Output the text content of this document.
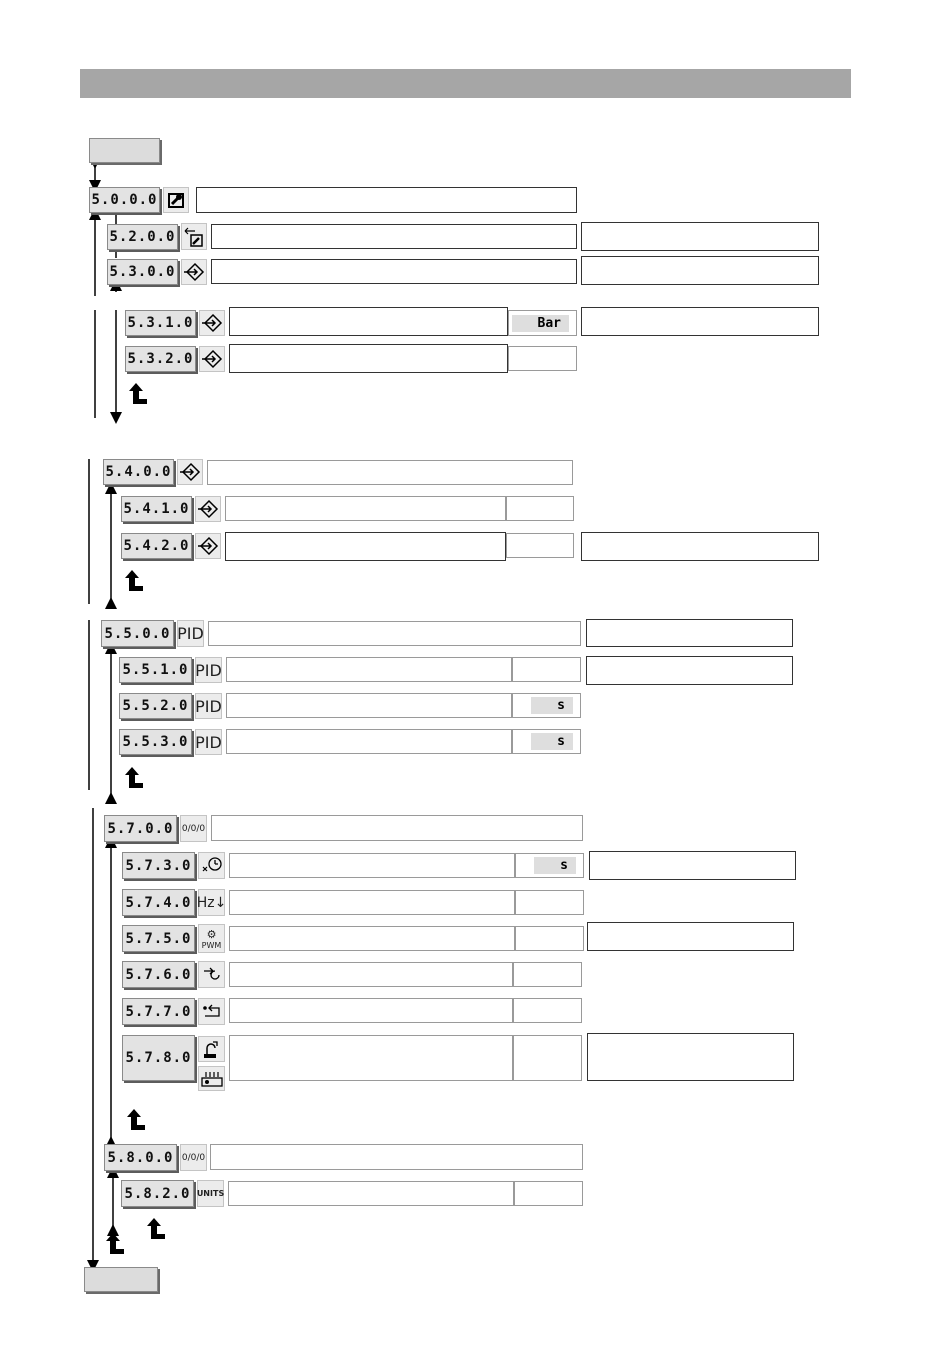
5.0.0.0
5.2.0.0
5.3.0.0
5.3.1.0	Bar
5.3.2.0
5.4.0.0
5.4.1.0
5.4.2.0
5.5.0.0 PID
5.5.1.0 PID
5.5.2.0 PID	s
5.5.3.0 PID	s
5.7.0.0 0/0/0
5.7.3.0	s
5.7.4.0 Hz ↓
5.7.5.0	⚙
PWM
5.7.6.0
5.7.7.0
5.7.8.0
5.8.0.0 0/0/0
5.8.2.0 UNITS
